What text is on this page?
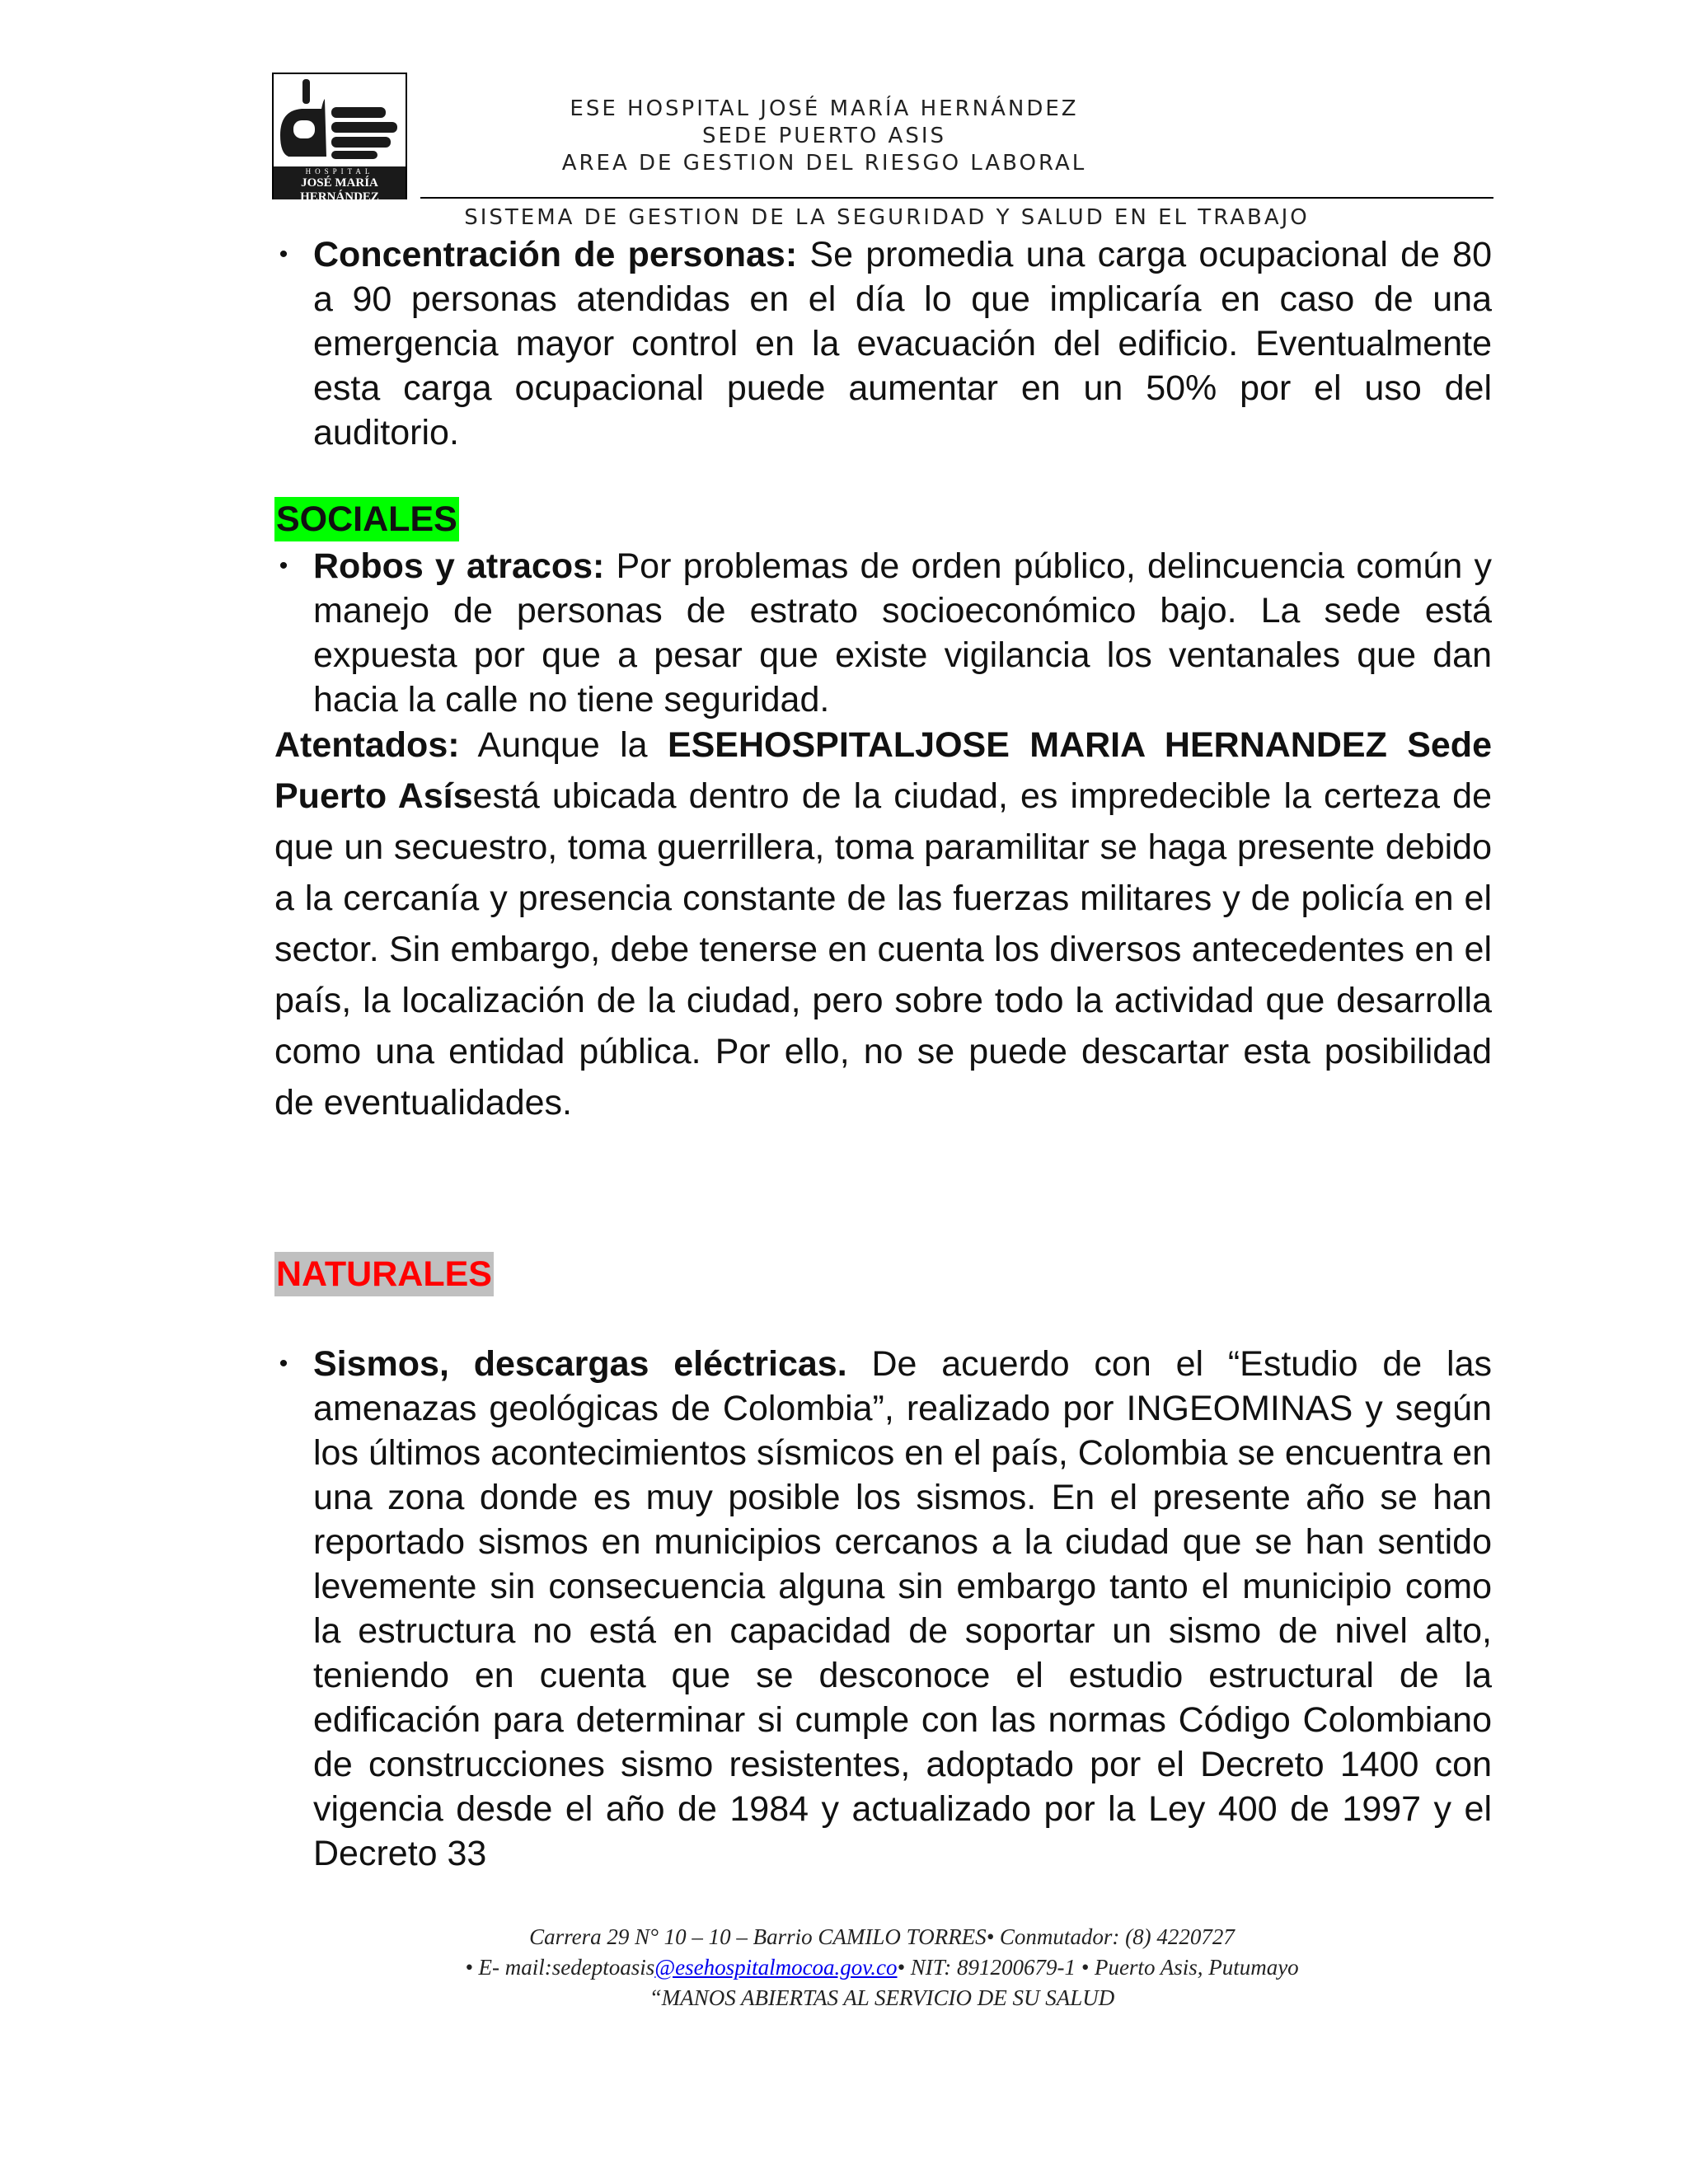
HOSPITAL
JOSÉ MARÍA HERNÁNDEZ
EMPRESA SOCIAL DEL ESTADO
ESE HOSPITAL JOSÉ MARÍA HERNÁNDEZ
SEDE PUERTO ASIS
AREA DE GESTION DEL RIESGO LABORAL
SISTEMA DE GESTION DE LA SEGURIDAD Y SALUD EN EL TRABAJO
• Concentración de personas: Se promedia una carga ocupacional de 80 a 90 personas atendidas en el día lo que implicaría en caso de una emergencia mayor control en la evacuación del edificio. Eventualmente esta carga ocupacional puede aumentar en un 50% por el uso del auditorio.
SOCIALES
• Robos y atracos: Por problemas de orden público, delincuencia común y manejo de personas de estrato socioeconómico bajo. La sede está expuesta por que a pesar que existe vigilancia los ventanales que dan hacia la calle no tiene seguridad.
Atentados: Aunque la ESEHOSPITALJOSE MARIA HERNANDEZ Sede Puerto Asísestá ubicada dentro de la ciudad, es impredecible la certeza de que un secuestro, toma guerrillera, toma paramilitar se haga presente debido a la cercanía y presencia constante de las fuerzas militares y de policía en el sector. Sin embargo, debe tenerse en cuenta los diversos antecedentes en el país, la localización de la ciudad, pero sobre todo la actividad que desarrolla como una entidad pública. Por ello, no se puede descartar esta posibilidad de eventualidades.
NATURALES
• Sismos, descargas eléctricas. De acuerdo con el “Estudio de las amenazas geológicas de Colombia”, realizado por INGEOMINAS y según los últimos acontecimientos sísmicos en el país, Colombia se encuentra en una zona donde es muy posible los sismos. En el presente año se han reportado sismos en municipios cercanos a la ciudad que se han sentido levemente sin consecuencia alguna sin embargo tanto el municipio como la estructura no está en capacidad de soportar un sismo de nivel alto, teniendo en cuenta que se desconoce el estudio estructural de la edificación para determinar si cumple con las normas Código Colombiano de construcciones sismo resistentes, adoptado por el Decreto 1400 con vigencia desde el año de 1984 y actualizado por la Ley 400 de 1997 y el Decreto 33
Carrera 29 N° 10 – 10 – Barrio CAMILO TORRES• Conmutador: (8) 4220727
• E- mail:sedeptoasis@esehospitalmocoa.gov.co• NIT: 891200679-1 • Puerto Asis, Putumayo
“MANOS ABIERTAS AL SERVICIO DE SU SALUD
